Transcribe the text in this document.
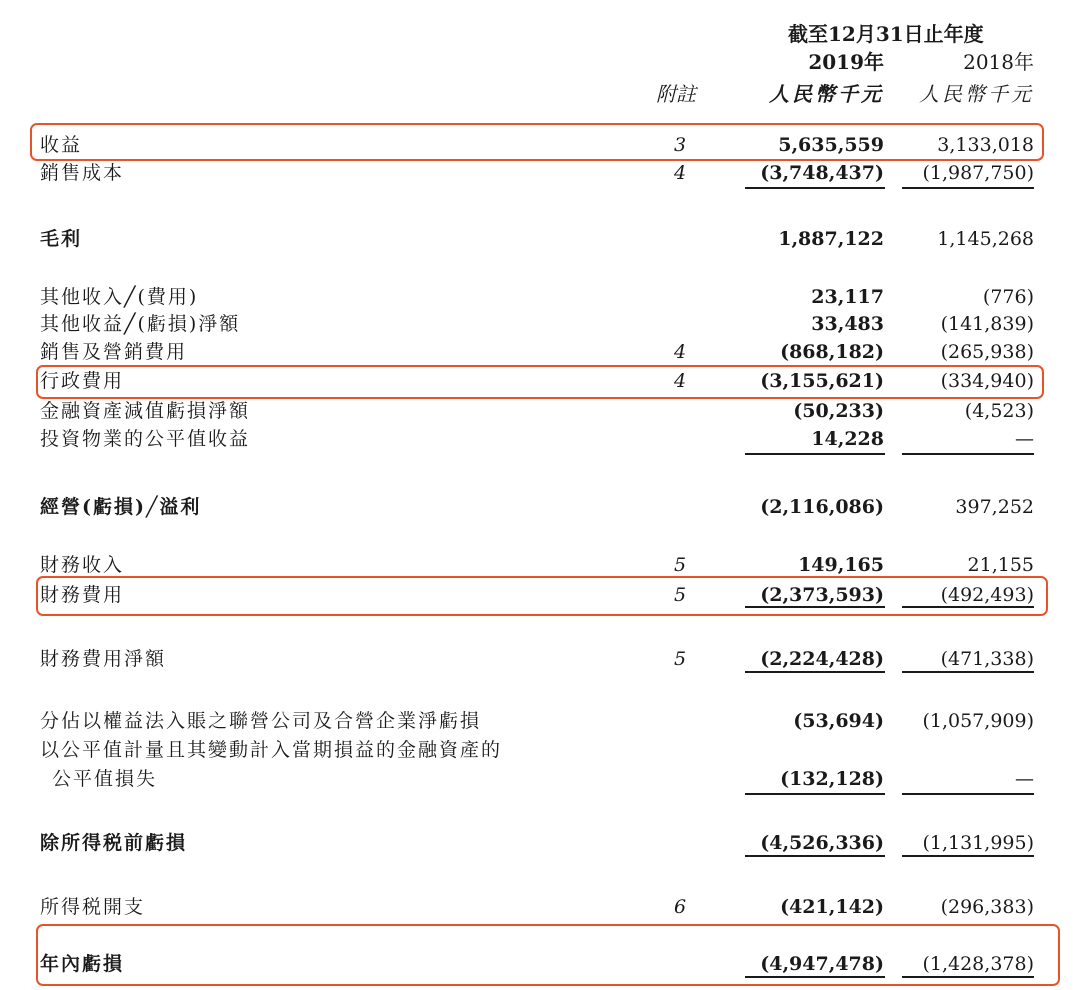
截至12月31日止年度
2019年	2018年
附註	人民幣千元 人民幣千元
收益	3	5,635,559	3,133,018
銷售成本	4	(3,748,437) (1,987,750)
毛利	1,887,122	1,145,268
其他收入╱(費用)	23,117	(776)
其他收益╱(虧損)淨額	33,483	(141,839)
銷售及營銷費用	4	(868,182)	(265,938)
行政費用	4	(3,155,621)	(334,940)
金融資產減值虧損淨額	(50,233)	(4,523)
投資物業的公平值收益	14,228	—
經營(虧損)╱溢利	(2,116,086)	397,252
財務收入	5	149,165	21,155
財務費用	5	(2,373,593)	(492,493)
財務費用淨額	5	(2,224,428)	(471,338)
分佔以權益法入賬之聯營公司及合營企業淨虧損	(53,694) (1,057,909)
以公平值計量且其變動計入當期損益的金融資產的
公平值損失	(132,128)	—
除所得税前虧損	(4,526,336) (1,131,995)
所得税開支	6	(421,142)	(296,383)
年內虧損	(4,947,478) (1,428,378)
